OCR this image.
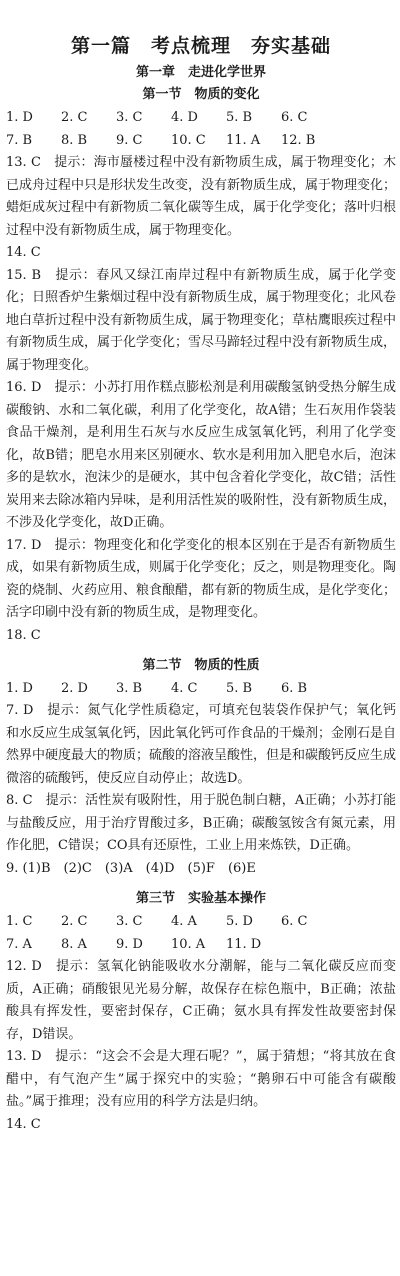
第一篇　考点梳理　夯实基础
第一章　走进化学世界
第一节　物质的变化
1. D	2. C	3. C	4. D	5. B	6. C
7. B	8. B	9. C	10. C	11. A	12. B

13. C　提示：海市蜃楼过程中没有新物质生成，属于物理变化；木已成舟过程中只是形状发生改变，没有新物质生成，属于物理变化；蜡炬成灰过程中有新物质二氧化碳等生成，属于化学变化；落叶归根过程中没有新物质生成，属于物理变化。

14. C

15. B　提示：春风又绿江南岸过程中有新物质生成，属于化学变化；日照香炉生紫烟过程中没有新物质生成，属于物理变化；北风卷地白草折过程中没有新物质生成，属于物理变化；草枯鹰眼疾过程中有新物质生成，属于化学变化；雪尽马蹄轻过程中没有新物质生成，属于物理变化。

16. D　提示：小苏打用作糕点膨松剂是利用碳酸氢钠受热分解生成碳酸钠、水和二氧化碳，利用了化学变化，故A错；生石灰用作袋装食品干燥剂，是利用生石灰与水反应生成氢氧化钙，利用了化学变化，故B错；肥皂水用来区别硬水、软水是利用加入肥皂水后，泡沫多的是软水，泡沫少的是硬水，其中包含着化学变化，故C错；活性炭用来去除冰箱内异味，是利用活性炭的吸附性，没有新物质生成，不涉及化学变化，故D正确。

17. D　提示：物理变化和化学变化的根本区别在于是否有新物质生成，如果有新物质生成，则属于化学变化；反之，则是物理变化。陶瓷的烧制、火药应用、粮食酿醋，都有新的物质生成，是化学变化；活字印刷中没有新的物质生成，是物理变化。

18. C

第二节　物质的性质
1. D	2. D	3. B	4. C	5. B	6. B

7. D　提示：氮气化学性质稳定，可填充包装袋作保护气；氧化钙和水反应生成氢氧化钙，因此氧化钙可作食品的干燥剂；金刚石是自然界中硬度最大的物质；硫酸的溶液呈酸性，但是和碳酸钙反应生成微溶的硫酸钙，使反应自动停止；故选D。

8. C　提示：活性炭有吸附性，用于脱色制白糖，A正确；小苏打能与盐酸反应，用于治疗胃酸过多，B正确；碳酸氢铵含有氮元素，用作化肥，C错误；CO具有还原性，工业上用来炼铁，D正确。

9. (1)B　(2)C　(3)A　(4)D　(5)F　(6)E

第三节　实验基本操作
1. C	2. C	3. C	4. A	5. D	6. C
7. A	8. A	9. D	10. A	11. D

12. D　提示：氢氧化钠能吸收水分潮解，能与二氧化碳反应而变质，A正确；硝酸银见光易分解，故保存在棕色瓶中，B正确；浓盐酸具有挥发性，要密封保存，C正确；氨水具有挥发性故要密封保存，D错误。

13. D　提示：“这会不会是大理石呢？”，属于猜想；“将其放在食醋中，有气泡产生”属于探究中的实验；“鹅卵石中可能含有碳酸盐。”属于推理；没有应用的科学方法是归纳。

14. C
